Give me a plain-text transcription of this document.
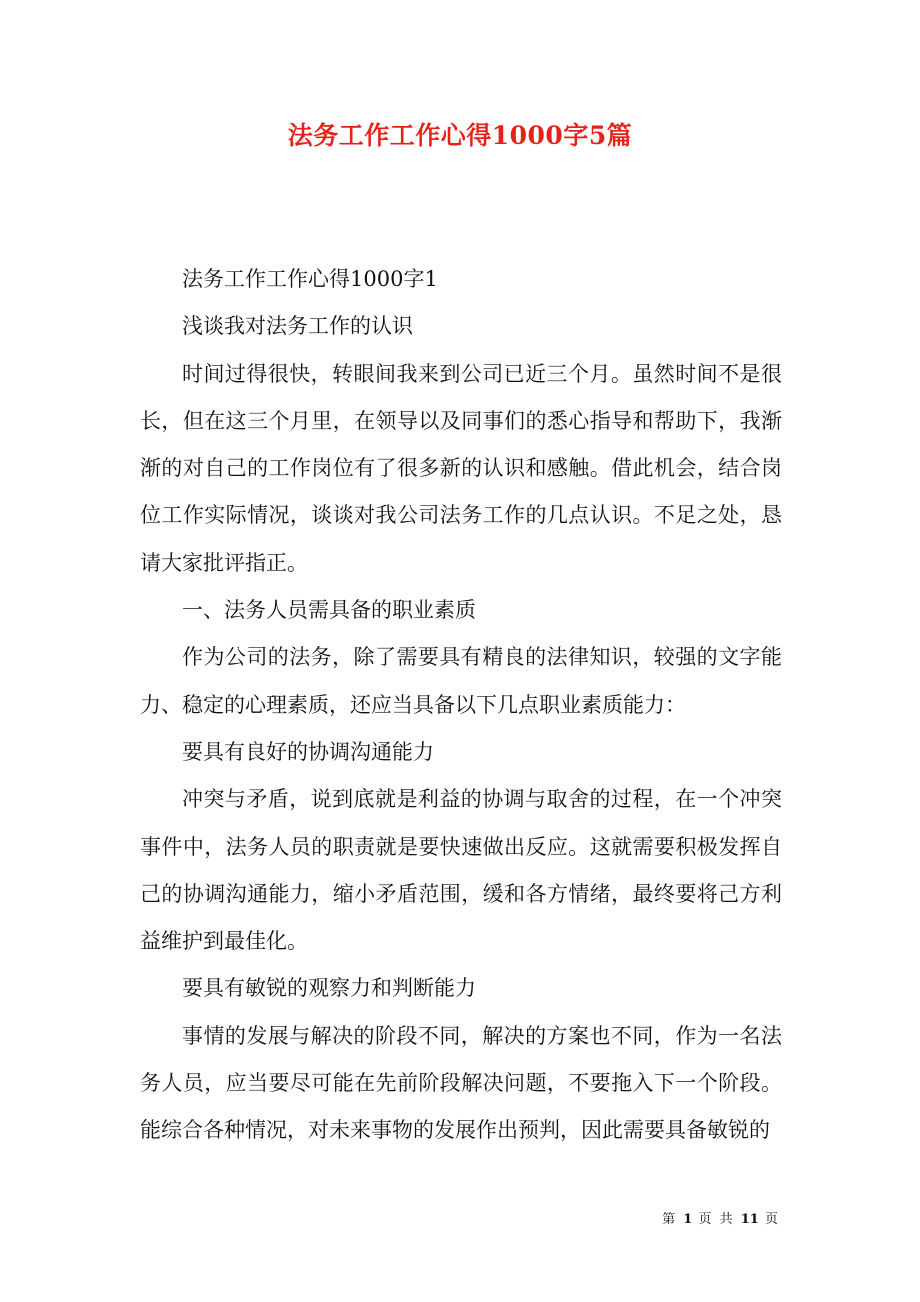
法务工作工作心得1000字5篇

法务工作工作心得1000字1

浅谈我对法务工作的认识

时间过得很快，转眼间我来到公司已近三个月。虽然时间不是很长，但在这三个月里，在领导以及同事们的悉心指导和帮助下，我渐渐的对自己的工作岗位有了很多新的认识和感触。借此机会，结合岗位工作实际情况，谈谈对我公司法务工作的几点认识。不足之处，恳请大家批评指正。

一、法务人员需具备的职业素质

作为公司的法务，除了需要具有精良的法律知识，较强的文字能力、稳定的心理素质，还应当具备以下几点职业素质能力：

要具有良好的协调沟通能力

冲突与矛盾，说到底就是利益的协调与取舍的过程，在一个冲突事件中，法务人员的职责就是要快速做出反应。这就需要积极发挥自己的协调沟通能力，缩小矛盾范围，缓和各方情绪，最终要将己方利益维护到最佳化。

要具有敏锐的观察力和判断能力

事情的发展与解决的阶段不同，解决的方案也不同，作为一名法务人员，应当要尽可能在先前阶段解决问题，不要拖入下一个阶段。能综合各种情况，对未来事物的发展作出预判，因此需要具备敏锐的

第 1 页 共 11 页
